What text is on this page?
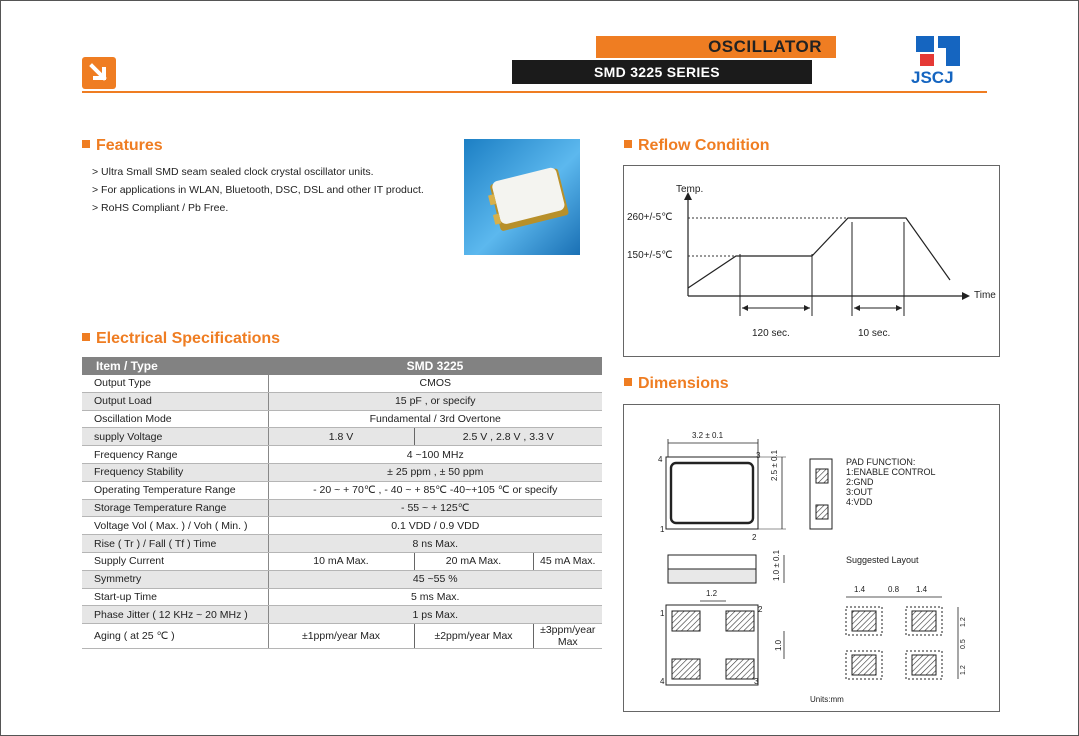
OSCILLATOR
SMD 3225 SERIES	JSCJ
Features
> Ultra Small SMD seam sealed clock crystal oscillator units.
> For applications in WLAN, Bluetooth, DSC, DSL and other IT product.
> RoHS Compliant / Pb Free.
Electrical Specifications
Item / Type	SMD 3225		
Output Type	CMOS		
Output Load	15 pF , or specify		
Oscillation Mode	Fundamental / 3rd Overtone		
supply Voltage	1.8 V	2.5 V , 2.8 V , 3.3 V	
Frequency Range	4 ~100 MHz		
Frequency Stability	± 25 ppm , ± 50 ppm		
Operating Temperature Range	- 20 ~ + 70℃ , - 40 ~ + 85℃ -40~+105 ℃ or specify		
Storage Temperature Range	- 55 ~ + 125℃		
Voltage Vol ( Max. ) / Voh ( Min. )	0.1 VDD / 0.9 VDD		
Rise ( Tr ) / Fall ( Tf ) Time	8 ns Max.		
Supply Current	10 mA Max.	20 mA Max.	45 mA Max.
Symmetry	45 ~55 %		
Start-up Time	5 ms Max.		
Phase Jitter ( 12 KHz ~ 20 MHz )	1 ps Max.		
Aging ( at 25 ℃ )	±1ppm/year Max	±2ppm/year Max	±3ppm/year Max
Reflow Condition
Temp.
Time
260+/-5℃
150+/-5℃
120 sec.	10 sec.
Dimensions
3.2 ± 0.1
2.5 ± 0.1
1.0 ± 0.1
4	3
1
2
PAD FUNCTION:
1:ENABLE CONTROL
2:GND
3:OUT
4:VDD
Suggested Layout
1.2
1.0
1	2
4	3
1.4	0.8 1.4
1.2
0.5
1.2
Units:mm
